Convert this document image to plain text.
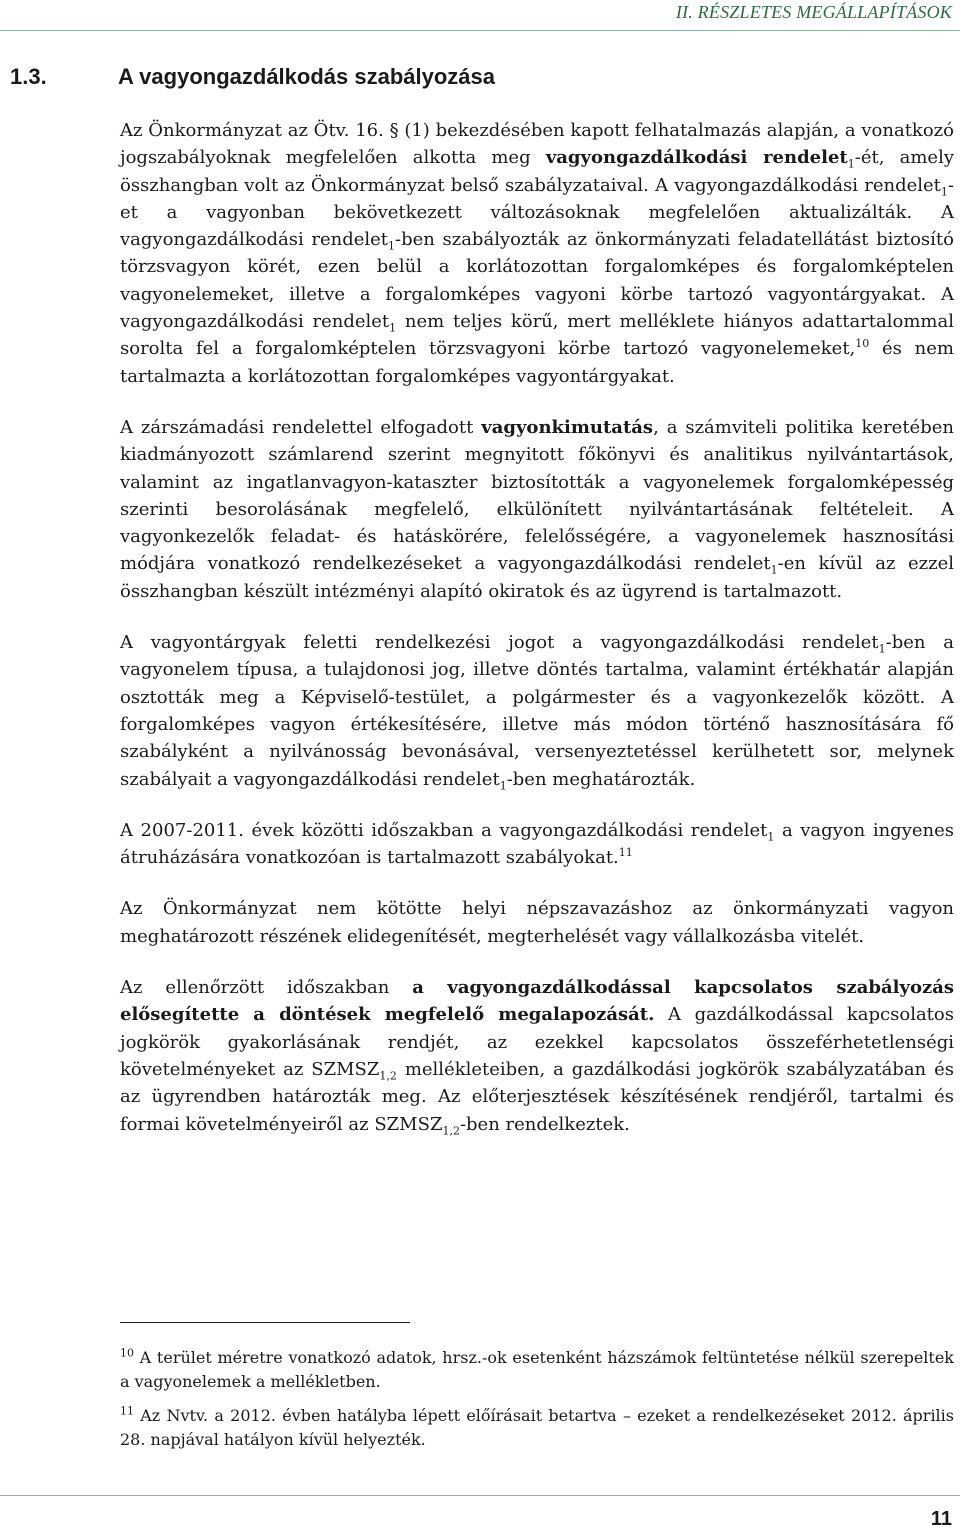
II. RÉSZLETES MEGÁLLAPÍTÁSOK
1.3.	A vagyongazdálkodás szabályozása

Az Önkormányzat az Ötv. 16. § (1) bekezdésében kapott felhatalmazás alapján, a vonatkozó jogszabályoknak megfelelően alkotta meg vagyongazdálkodási rendelet$_1$-ét, amely összhangban volt az Önkormányzat belső szabályzataival. A vagyongazdálkodási rendelet$_1$-et a vagyonban bekövetkezett változásoknak megfelelően aktualizálták. A vagyongazdálkodási rendelet$_1$-ben szabályozták az önkormányzati feladatellátást biztosító törzsvagyon körét, ezen belül a korlátozottan forgalomképes és forgalomképtelen vagyonelemeket, illetve a forgalomképes vagyoni körbe tartozó vagyontárgyakat. A vagyongazdálkodási rendelet$_1$ nem teljes körű, mert melléklete hiányos adattartalommal sorolta fel a forgalomképtelen törzsvagyoni körbe tartozó vagyonelemeket,$^{10}$ és nem tartalmazta a korlátozottan forgalomképes vagyontárgyakat.

A zárszámadási rendelettel elfogadott vagyonkimutatás, a számviteli politika keretében kiadmányozott számlarend szerint megnyitott főkönyvi és analitikus nyilvántartások, valamint az ingatlanvagyon-kataszter biztosították a vagyonelemek forgalomképesség szerinti besorolásának megfelelő, elkülönített nyilvántartásának feltételeit. A vagyonkezelők feladat- és hatáskörére, felelősségére, a vagyonelemek hasznosítási módjára vonatkozó rendelkezéseket a vagyongazdálkodási rendelet$_1$-en kívül az ezzel összhangban készült intézményi alapító okiratok és az ügyrend is tartalmazott.

A vagyontárgyak feletti rendelkezési jogot a vagyongazdálkodási rendelet$_1$-ben a vagyonelem típusa, a tulajdonosi jog, illetve döntés tartalma, valamint értékhatár alapján osztották meg a Képviselő-testület, a polgármester és a vagyonkezelők között. A forgalomképes vagyon értékesítésére, illetve más módon történő hasznosítására fő szabályként a nyilvánosság bevonásával, versenyeztetéssel kerülhetett sor, melynek szabályait a vagyongazdálkodási rendelet$_1$-ben meghatározták.

A 2007-2011. évek közötti időszakban a vagyongazdálkodási rendelet$_1$ a vagyon ingyenes átruházására vonatkozóan is tartalmazott szabályokat.$^{11}$

Az Önkormányzat nem kötötte helyi népszavazáshoz az önkormányzati vagyon meghatározott részének elidegenítését, megterhelését vagy vállalkozásba vitelét.

Az ellenőrzött időszakban a vagyongazdálkodással kapcsolatos szabályozás elősegítette a döntések megfelelő megalapozását. A gazdálkodással kapcsolatos jogkörök gyakorlásának rendjét, az ezekkel kapcsolatos összeférhetetlenségi követelményeket az $SZMSZ_{1,2}$ mellékleteiben, a gazdálkodási jogkörök szabályzatában és az ügyrendben határozták meg. Az előterjesztések készítésének rendjéről, tartalmi és formai követelményeiről az $SZMSZ_{1,2}$-ben rendelkeztek.

$^{10}$ A terület méretre vonatkozó adatok, hrsz.-ok esetenként házszámok feltüntetése nélkül szerepeltek a vagyonelemek a mellékletben.

$^{11}$ Az Nvtv. a 2012. évben hatályba lépett előírásait betartva – ezeket a rendelkezéseket 2012. április 28. napjával hatályon kívül helyezték.

11
